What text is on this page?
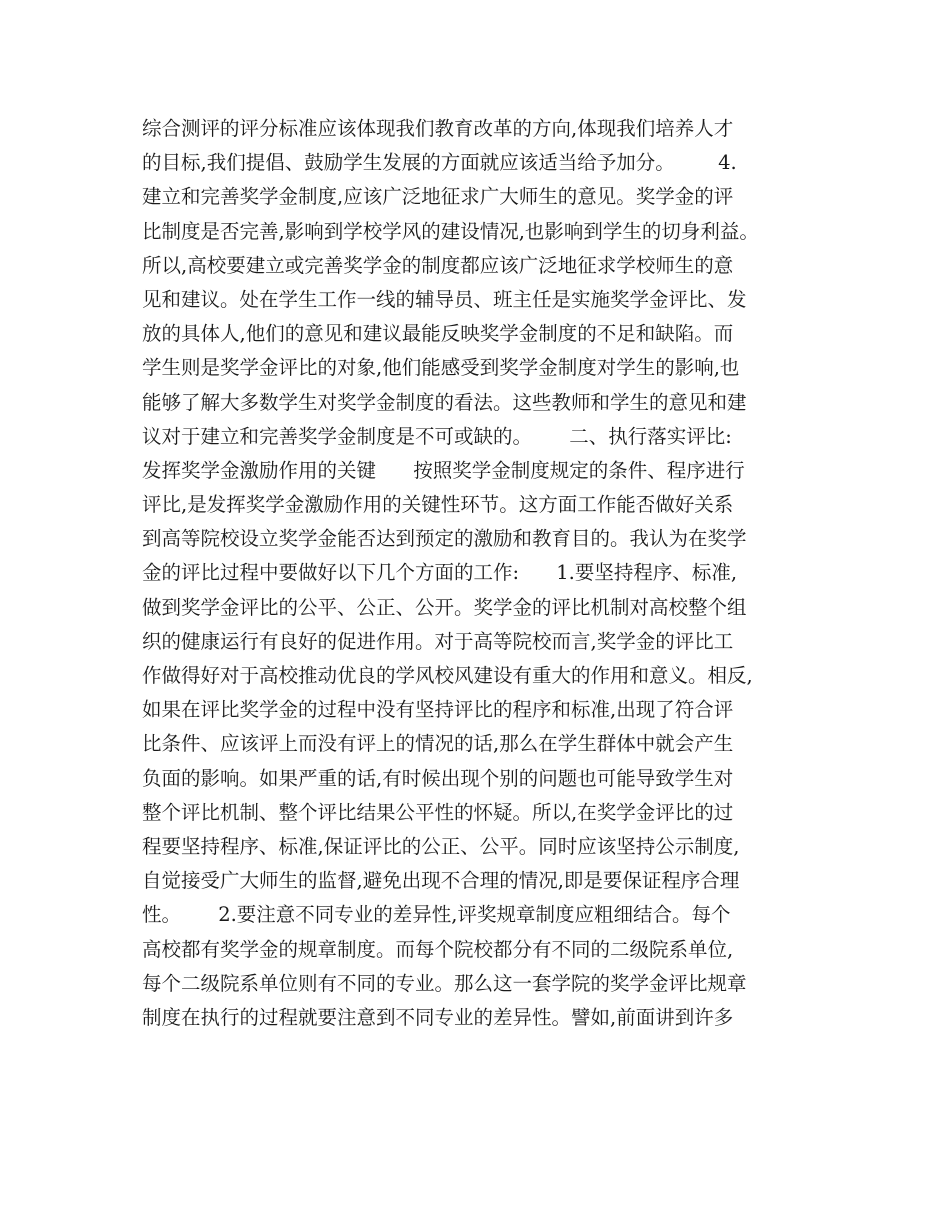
综合测评的评分标准应该体现我们教育改革的方向,体现我们培养人才
的目标,我们提倡、鼓励学生发展的方面就应该适当给予加分。       4.
建立和完善奖学金制度,应该广泛地征求广大师生的意见。奖学金的评
比制度是否完善,影响到学校学风的建设情况,也影响到学生的切身利益。
所以,高校要建立或完善奖学金的制度都应该广泛地征求学校师生的意
见和建议。处在学生工作一线的辅导员、班主任是实施奖学金评比、发
放的具体人,他们的意见和建议最能反映奖学金制度的不足和缺陷。而
学生则是奖学金评比的对象,他们能感受到奖学金制度对学生的影响,也
能够了解大多数学生对奖学金制度的看法。这些教师和学生的意见和建
议对于建立和完善奖学金制度是不可或缺的。      二、执行落实评比:
发挥奖学金激励作用的关键      按照奖学金制度规定的条件、程序进行
评比,是发挥奖学金激励作用的关键性环节。这方面工作能否做好关系
到高等院校设立奖学金能否达到预定的激励和教育目的。我认为在奖学
金的评比过程中要做好以下几个方面的工作:      1.要坚持程序、标准,
做到奖学金评比的公平、公正、公开。奖学金的评比机制对高校整个组
织的健康运行有良好的促进作用。对于高等院校而言,奖学金的评比工
作做得好对于高校推动优良的学风校风建设有重大的作用和意义。相反,
如果在评比奖学金的过程中没有坚持评比的程序和标准,出现了符合评
比条件、应该评上而没有评上的情况的话,那么在学生群体中就会产生
负面的影响。如果严重的话,有时候出现个别的问题也可能导致学生对
整个评比机制、整个评比结果公平性的怀疑。所以,在奖学金评比的过
程要坚持程序、标准,保证评比的公正、公平。同时应该坚持公示制度,
自觉接受广大师生的监督,避免出现不合理的情况,即是要保证程序合理
性。      2.要注意不同专业的差异性,评奖规章制度应粗细结合。每个
高校都有奖学金的规章制度。而每个院校都分有不同的二级院系单位,
每个二级院系单位则有不同的专业。那么这一套学院的奖学金评比规章
制度在执行的过程就要注意到不同专业的差异性。譬如,前面讲到许多
